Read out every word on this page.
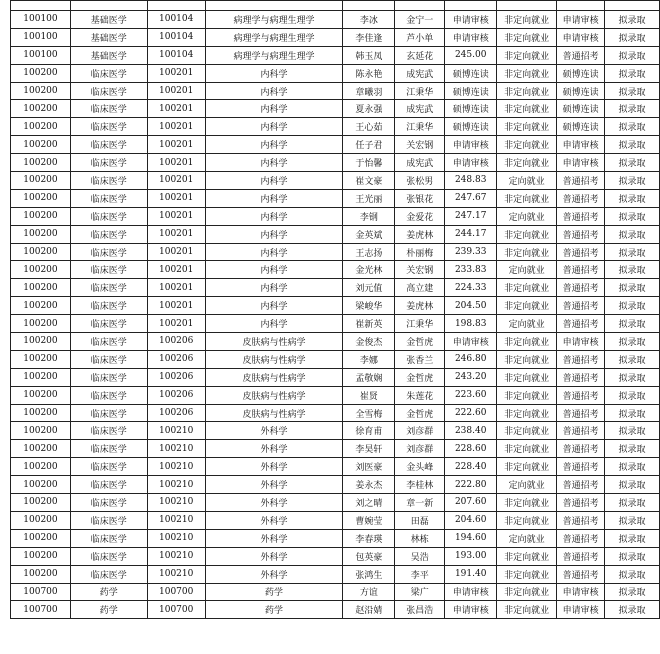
100100	基础医学	100104	病理学与病理生理学	李冰	金宁一	申请审核	非定向就业	申请审核	拟录取
100100	基础医学	100104	病理学与病理生理学	李佳逢	芦小单	申请审核	非定向就业	申请审核	拟录取
100100	基础医学	100104	病理学与病理生理学	韩玉凤	玄延花	245.00	非定向就业	普通招考	拟录取
100200	临床医学	100201	内科学	陈永艳	成宪武	硕博连读	非定向就业	硕博连读	拟录取
100200	临床医学	100201	内科学	章曦羽	江秉华	硕博连读	非定向就业	硕博连读	拟录取
100200	临床医学	100201	内科学	夏永强	成宪武	硕博连读	非定向就业	硕博连读	拟录取
100200	临床医学	100201	内科学	王心茹	江秉华	硕博连读	非定向就业	硕博连读	拟录取
100200	临床医学	100201	内科学	任子君	关宏钢	申请审核	非定向就业	申请审核	拟录取
100200	临床医学	100201	内科学	于怡馨	成宪武	申请审核	非定向就业	申请审核	拟录取
100200	临床医学	100201	内科学	崔文豪	张松男	248.83	定向就业	普通招考	拟录取
100200	临床医学	100201	内科学	王光丽	张银花	247.67	非定向就业	普通招考	拟录取
100200	临床医学	100201	内科学	李钢	金爱花	247.17	定向就业	普通招考	拟录取
100200	临床医学	100201	内科学	金英斌	姜虎林	244.17	非定向就业	普通招考	拟录取
100200	临床医学	100201	内科学	王志扬	朴丽梅	239.33	非定向就业	普通招考	拟录取
100200	临床医学	100201	内科学	金光林	关宏钢	233.83	定向就业	普通招考	拟录取
100200	临床医学	100201	内科学	刘元值	高立建	224.33	非定向就业	普通招考	拟录取
100200	临床医学	100201	内科学	梁峻华	姜虎林	204.50	非定向就业	普通招考	拟录取
100200	临床医学	100201	内科学	崔新英	江秉华	198.83	定向就业	普通招考	拟录取
100200	临床医学	100206	皮肤病与性病学	金俊杰	金哲虎	申请审核	非定向就业	申请审核	拟录取
100200	临床医学	100206	皮肤病与性病学	李娜	张香兰	246.80	非定向就业	普通招考	拟录取
100200	临床医学	100206	皮肤病与性病学	孟敬娴	金哲虎	243.20	非定向就业	普通招考	拟录取
100200	临床医学	100206	皮肤病与性病学	崔贤	朱莲花	223.60	非定向就业	普通招考	拟录取
100200	临床医学	100206	皮肤病与性病学	全雪梅	金哲虎	222.60	非定向就业	普通招考	拟录取
100200	临床医学	100210	外科学	徐育甫	刘彦群	238.40	非定向就业	普通招考	拟录取
100200	临床医学	100210	外科学	李昊轩	刘彦群	228.60	非定向就业	普通招考	拟录取
100200	临床医学	100210	外科学	刘医豪	金头峰	228.40	非定向就业	普通招考	拟录取
100200	临床医学	100210	外科学	姜永杰	李桂林	222.80	定向就业	普通招考	拟录取
100200	临床医学	100210	外科学	刘之晴	章一新	207.60	非定向就业	普通招考	拟录取
100200	临床医学	100210	外科学	曹婉莹	田磊	204.60	非定向就业	普通招考	拟录取
100200	临床医学	100210	外科学	李春瑛	林栋	194.60	定向就业	普通招考	拟录取
100200	临床医学	100210	外科学	包英豪	吴浩	193.00	非定向就业	普通招考	拟录取
100200	临床医学	100210	外科学	张鸿生	李平	191.40	非定向就业	普通招考	拟录取
100700	药学	100700	药学	方谊	梁广	申请审核	非定向就业	申请审核	拟录取
100700	药学	100700	药学	赵沿婧	张昌浩	申请审核	非定向就业	申请审核	拟录取
